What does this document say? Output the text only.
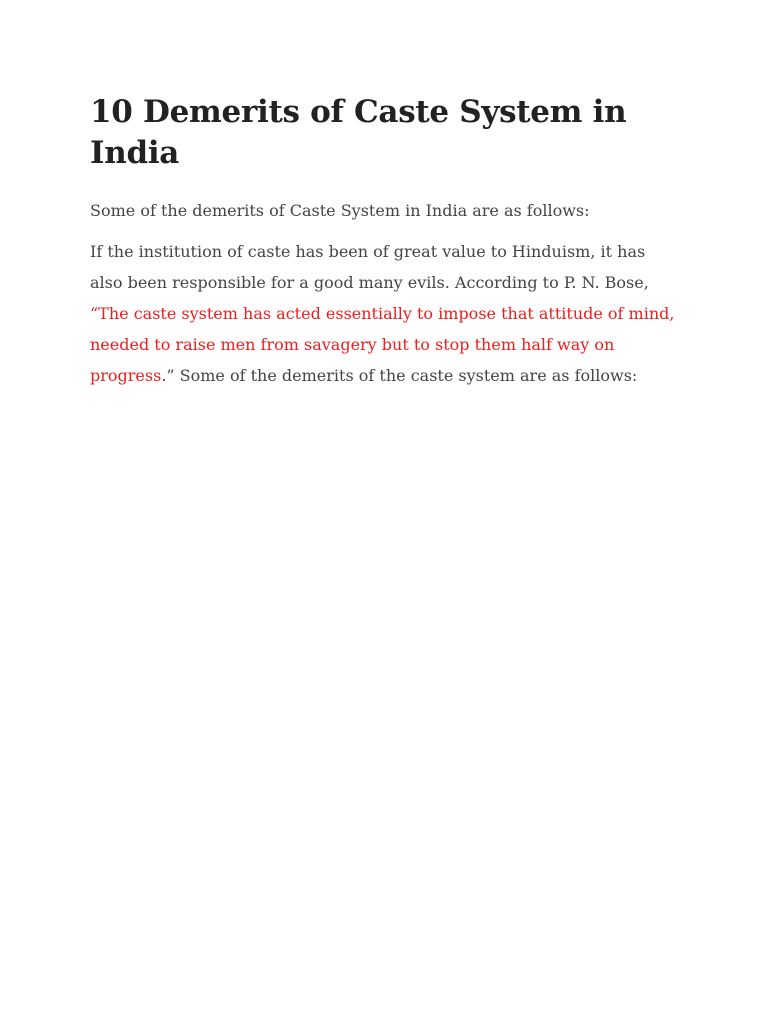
10 Demerits of Caste System in India

Some of the demerits of Caste System in India are as follows:

If the institution of caste has been of great value to Hinduism, it has also been responsible for a good many evils. According to P. N. Bose, “The caste system has acted essentially to impose that attitude of mind, needed to raise men from savagery but to stop them half way on progress.” Some of the demerits of the caste system are as follows:
